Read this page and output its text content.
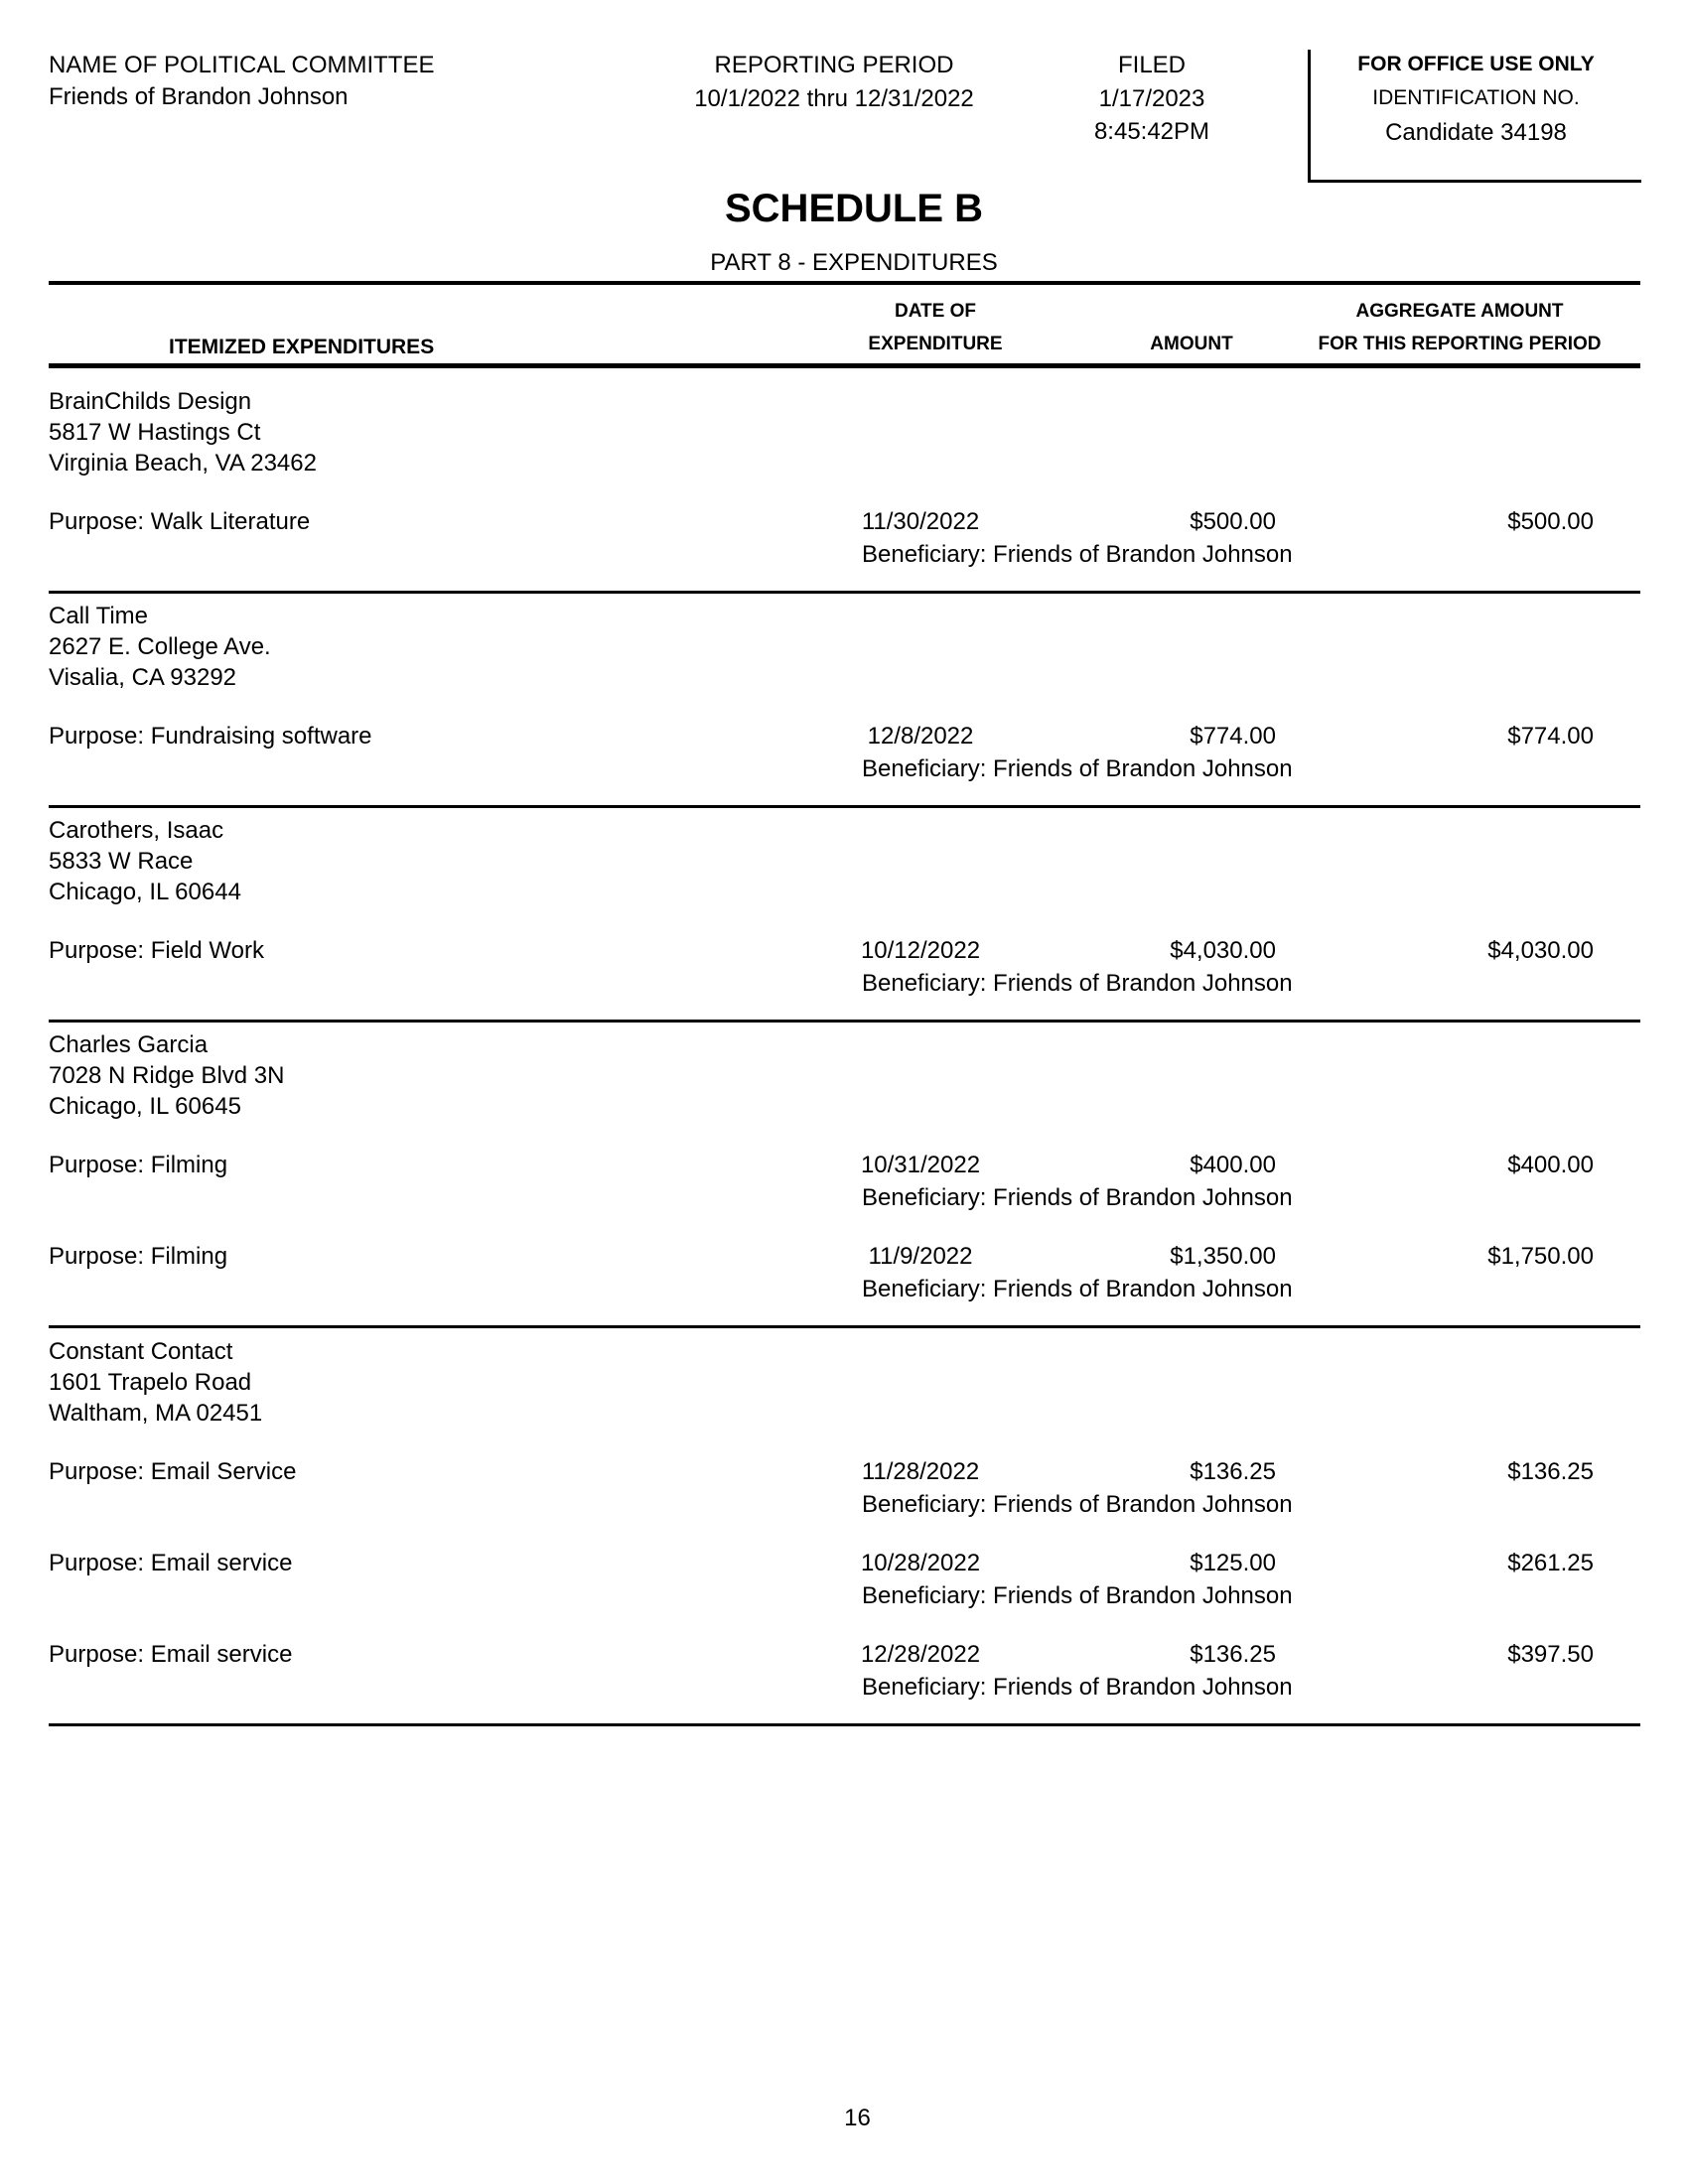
NAME OF POLITICAL COMMITTEE
Friends of Brandon Johnson
REPORTING PERIOD
10/1/2022 thru 12/31/2022
FILED
1/17/2023
8:45:42PM
FOR OFFICE USE ONLY
IDENTIFICATION NO.
Candidate 34198
SCHEDULE B
PART 8 - EXPENDITURES
ITEMIZED EXPENDITURES
DATE OF
EXPENDITURE	AMOUNT
AGGREGATE AMOUNT
FOR THIS REPORTING PERIOD
BrainChilds Design
5817 W Hastings Ct
Virginia Beach, VA 23462
Purpose: Walk Literature	11/30/2022	$500.00	$500.00
Beneficiary: Friends of Brandon Johnson
Call Time
2627 E. College Ave.
Visalia, CA 93292
Purpose: Fundraising software	12/8/2022	$774.00	$774.00
Beneficiary: Friends of Brandon Johnson
Carothers, Isaac
5833 W Race
Chicago, IL 60644
Purpose: Field Work	10/12/2022	$4,030.00	$4,030.00
Beneficiary: Friends of Brandon Johnson
Charles Garcia
7028 N Ridge Blvd 3N
Chicago, IL 60645
Purpose: Filming	10/31/2022	$400.00	$400.00
Beneficiary: Friends of Brandon Johnson
Purpose: Filming	11/9/2022	$1,350.00	$1,750.00
Beneficiary: Friends of Brandon Johnson
Constant Contact
1601 Trapelo Road
Waltham, MA 02451
Purpose: Email Service	11/28/2022	$136.25	$136.25
Beneficiary: Friends of Brandon Johnson
Purpose: Email service	10/28/2022	$125.00	$261.25
Beneficiary: Friends of Brandon Johnson
Purpose: Email service	12/28/2022	$136.25	$397.50
Beneficiary: Friends of Brandon Johnson
16
